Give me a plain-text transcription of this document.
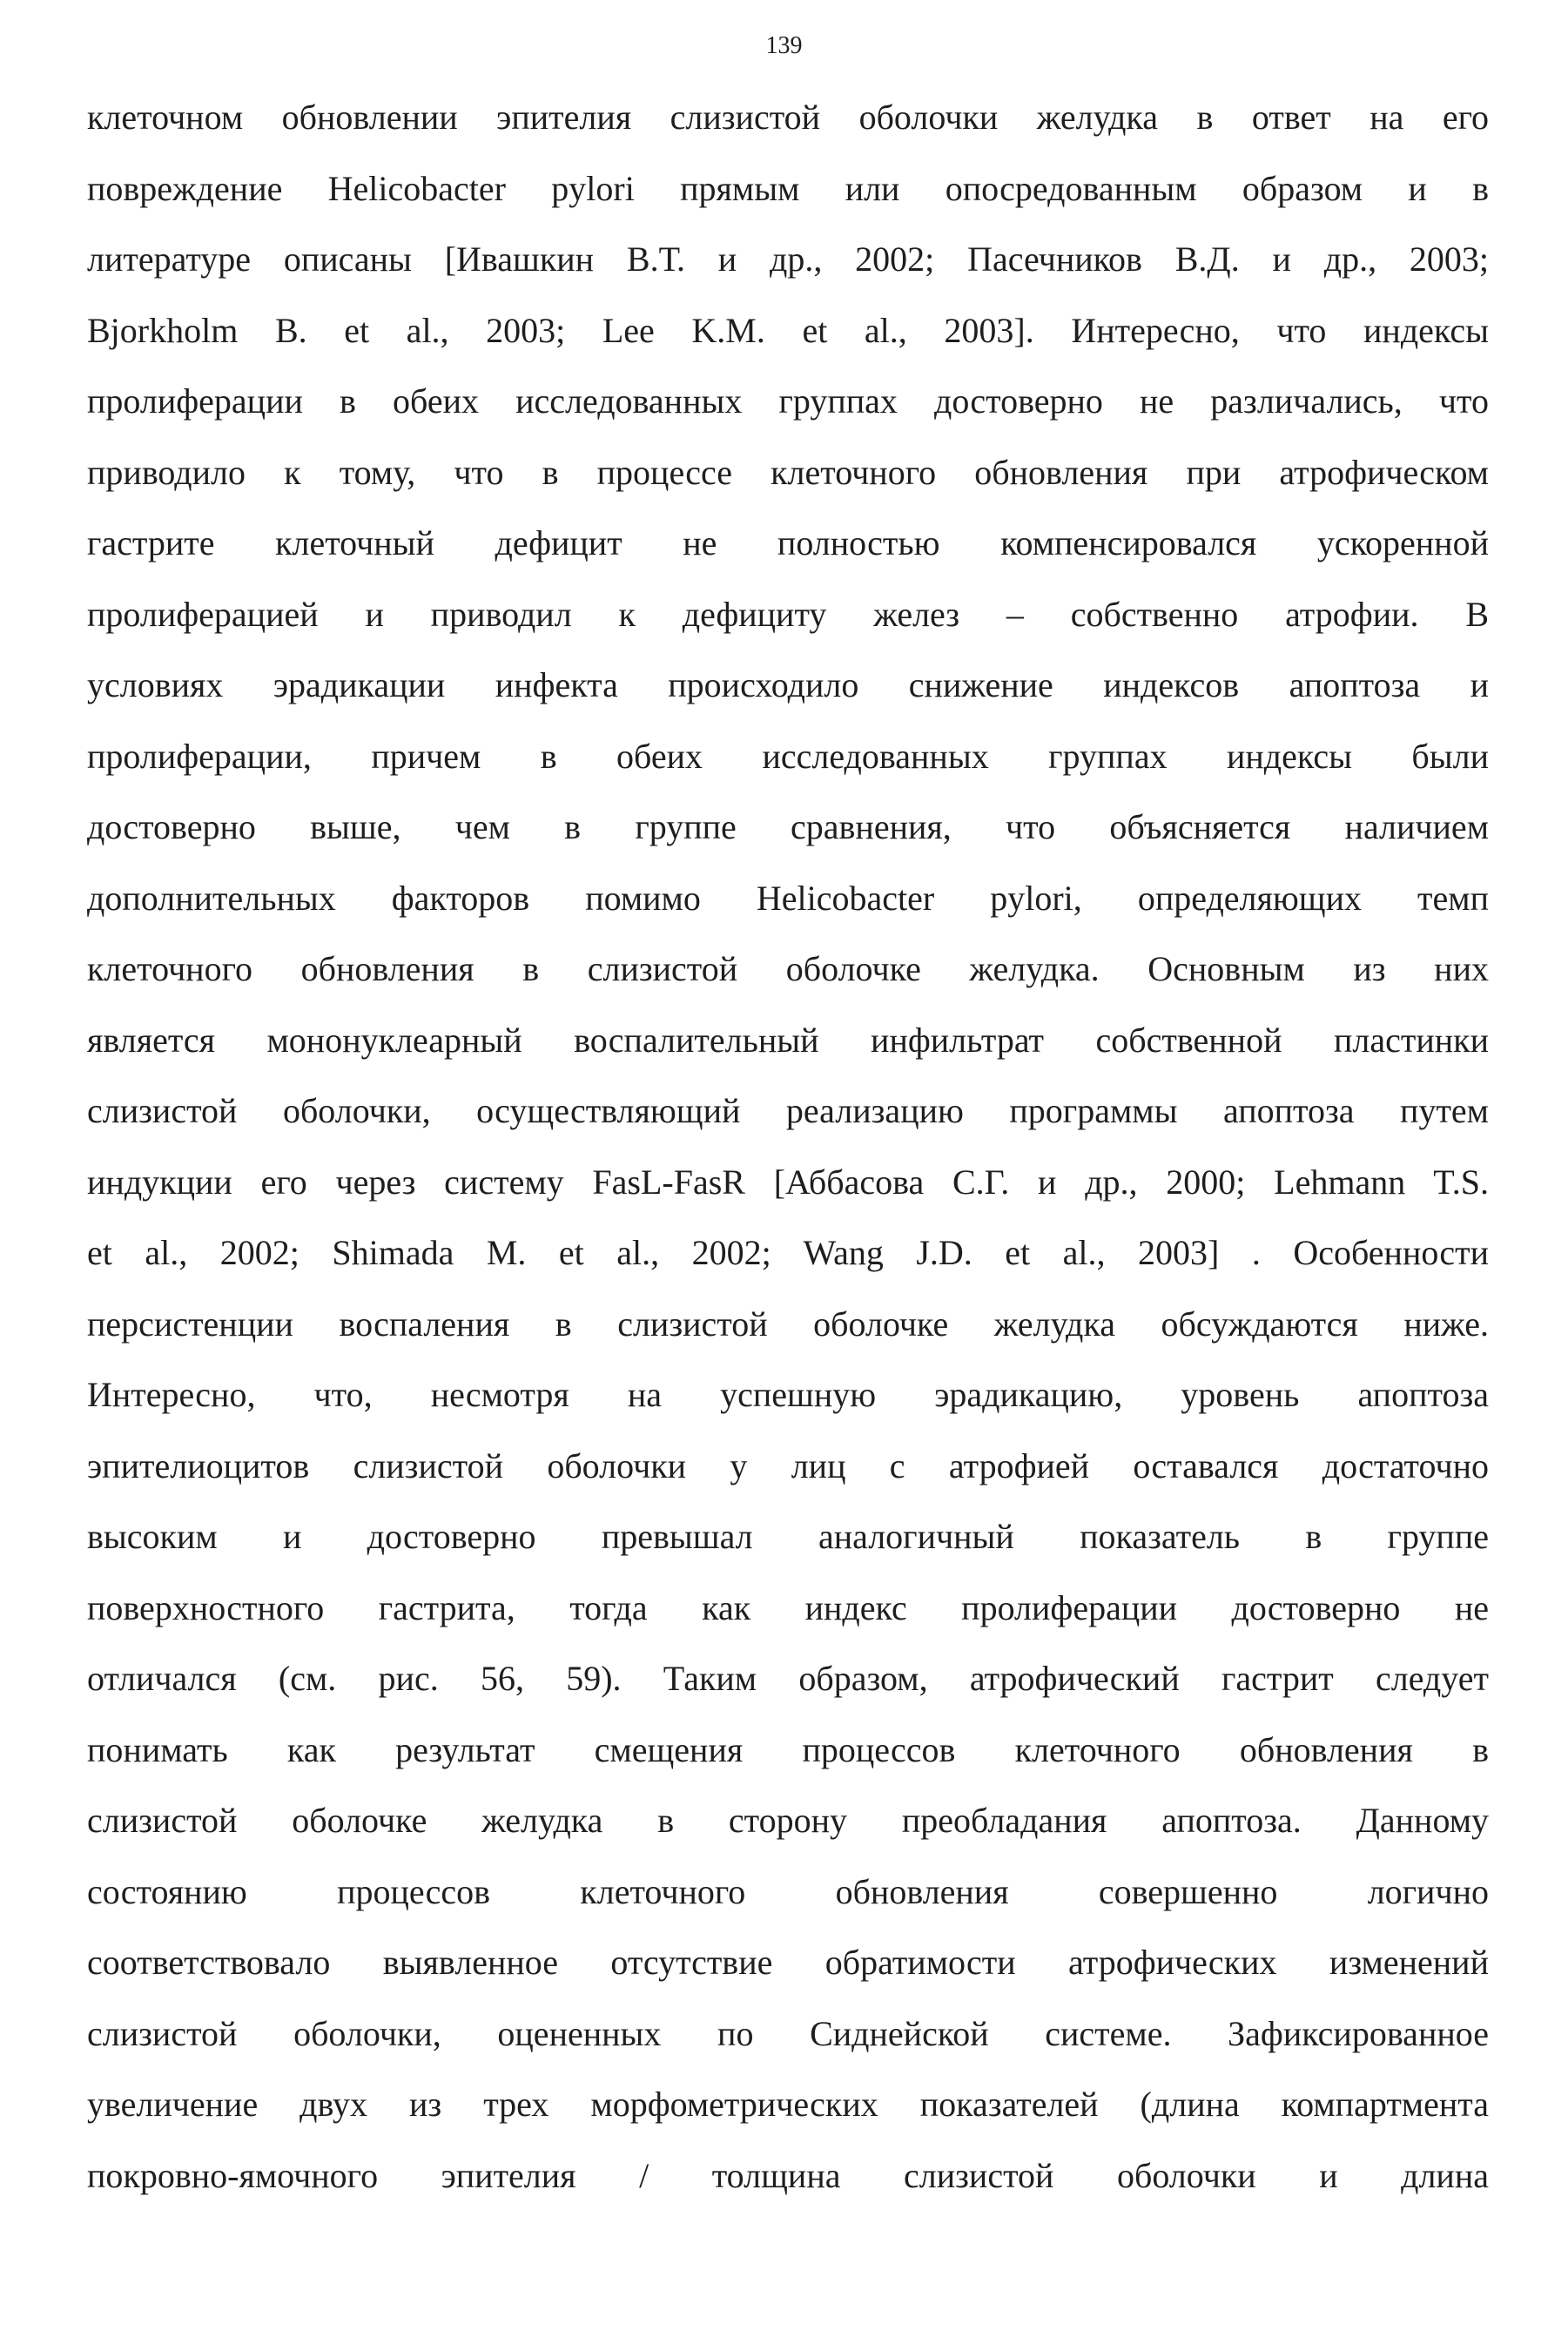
139
клеточном обновлении эпителия слизистой оболочки желудка в ответ на его
повреждение Helicobacter pylori прямым или опосредованным образом и в
литературе описаны [Ивашкин В.Т. и др., 2002; Пасечников В.Д. и др., 2003;
Bjorkholm B. et al., 2003; Lee K.M. et al., 2003]. Интересно, что индексы
пролиферации в обеих исследованных группах достоверно не различались, что
приводило к тому, что в процессе клеточного обновления при атрофическом
гастрите клеточный дефицит не полностью компенсировался ускоренной
пролиферацией и приводил к дефициту желез – собственно атрофии. В
условиях эрадикации инфекта происходило снижение индексов апоптоза и
пролиферации, причем в обеих исследованных группах индексы были
достоверно выше, чем в группе сравнения, что объясняется наличием
дополнительных факторов помимо Helicobacter pylori, определяющих темп
клеточного обновления в слизистой оболочке желудка. Основным из них
является мононуклеарный воспалительный инфильтрат собственной пластинки
слизистой оболочки, осуществляющий реализацию программы апоптоза путем
индукции его через систему FasL-FasR [Аббасова С.Г. и др., 2000; Lehmann T.S.
et al., 2002; Shimada M. et al., 2002; Wang J.D. et al., 2003] . Особенности
персистенции воспаления в слизистой оболочке желудка обсуждаются ниже.
Интересно, что, несмотря на успешную эрадикацию, уровень апоптоза
эпителиоцитов слизистой оболочки у лиц с атрофией оставался достаточно
высоким и достоверно превышал аналогичный показатель в группе
поверхностного гастрита, тогда как индекс пролиферации достоверно не
отличался (см. рис. 56, 59). Таким образом, атрофический гастрит следует
понимать как результат смещения процессов клеточного обновления в
слизистой оболочке желудка в сторону преобладания апоптоза. Данному
состоянию процессов клеточного обновления совершенно логично
соответствовало выявленное отсутствие обратимости атрофических изменений
слизистой оболочки, оцененных по Сиднейской системе. Зафиксированное
увеличение двух из трех морфометрических показателей (длина компартмента
покровно-ямочного эпителия / толщина слизистой оболочки и длина
